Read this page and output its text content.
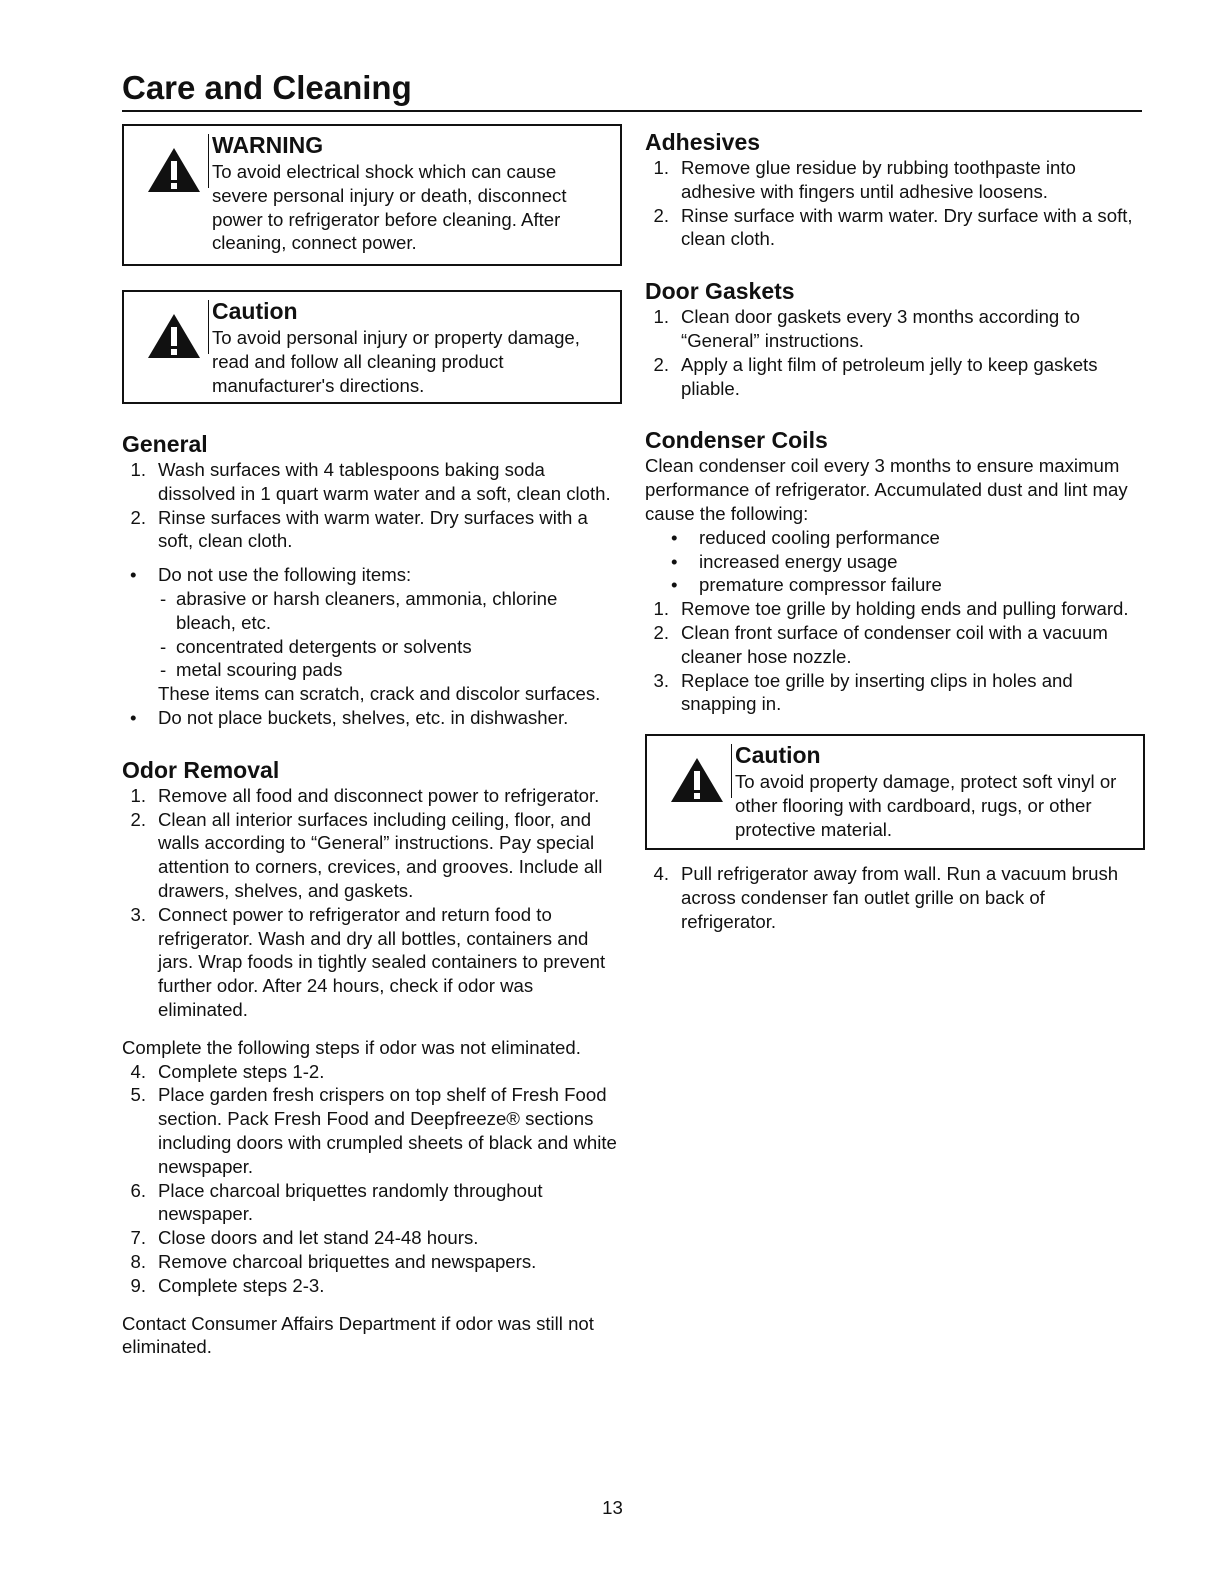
Care and Cleaning
WARNING
To avoid electrical shock which can cause severe personal injury or death, disconnect power to refrigerator before cleaning. After cleaning, connect power.
Caution
To avoid personal injury or property damage, read and follow all cleaning product manufacturer's directions.
General
1. Wash surfaces with 4 tablespoons baking soda dissolved in 1 quart warm water and a soft, clean cloth.
2. Rinse surfaces with warm water. Dry surfaces with a soft, clean cloth.
• Do not use the following items:
- abrasive or harsh cleaners, ammonia, chlorine bleach, etc.
- concentrated detergents or solvents
- metal scouring pads
These items can scratch, crack and discolor surfaces.
• Do not place buckets, shelves, etc. in dishwasher.
Odor Removal
1. Remove all food and disconnect power to refrigerator.
2. Clean all interior surfaces including ceiling, floor, and walls according to “General” instructions. Pay special attention to corners, crevices, and grooves. Include all drawers, shelves, and gaskets.
3. Connect power to refrigerator and return food to refrigerator. Wash and dry all bottles, containers and jars. Wrap foods in tightly sealed containers to prevent further odor. After 24 hours, check if odor was eliminated.

Complete the following steps if odor was not eliminated.

4. Complete steps 1-2.
5. Place garden fresh crispers on top shelf of Fresh Food section. Pack Fresh Food and Deepfreeze® sections including doors with crumpled sheets of black and white newspaper.
6. Place charcoal briquettes randomly throughout newspaper.
7. Close doors and let stand 24-48 hours.
8. Remove charcoal briquettes and newspapers.
9. Complete steps 2-3.

Contact Consumer Affairs Department if odor was still not eliminated.

Adhesives
1. Remove glue residue by rubbing toothpaste into adhesive with fingers until adhesive loosens.
2. Rinse surface with warm water. Dry surface with a soft, clean cloth.
Door Gaskets
1. Clean door gaskets every 3 months according to “General” instructions.
2. Apply a light film of petroleum jelly to keep gaskets pliable.
Condenser Coils

Clean condenser coil every 3 months to ensure maximum performance of refrigerator. Accumulated dust and lint may cause the following:

• reduced cooling performance
• increased energy usage
• premature compressor failure
1. Remove toe grille by holding ends and pulling forward.
2. Clean front surface of condenser coil with a vacuum cleaner hose nozzle.
3. Replace toe grille by inserting clips in holes and snapping in.
Caution
To avoid property damage, protect soft vinyl or other flooring with cardboard, rugs, or other protective material.
4. Pull refrigerator away from wall. Run a vacuum brush across condenser fan outlet grille on back of refrigerator.
13
